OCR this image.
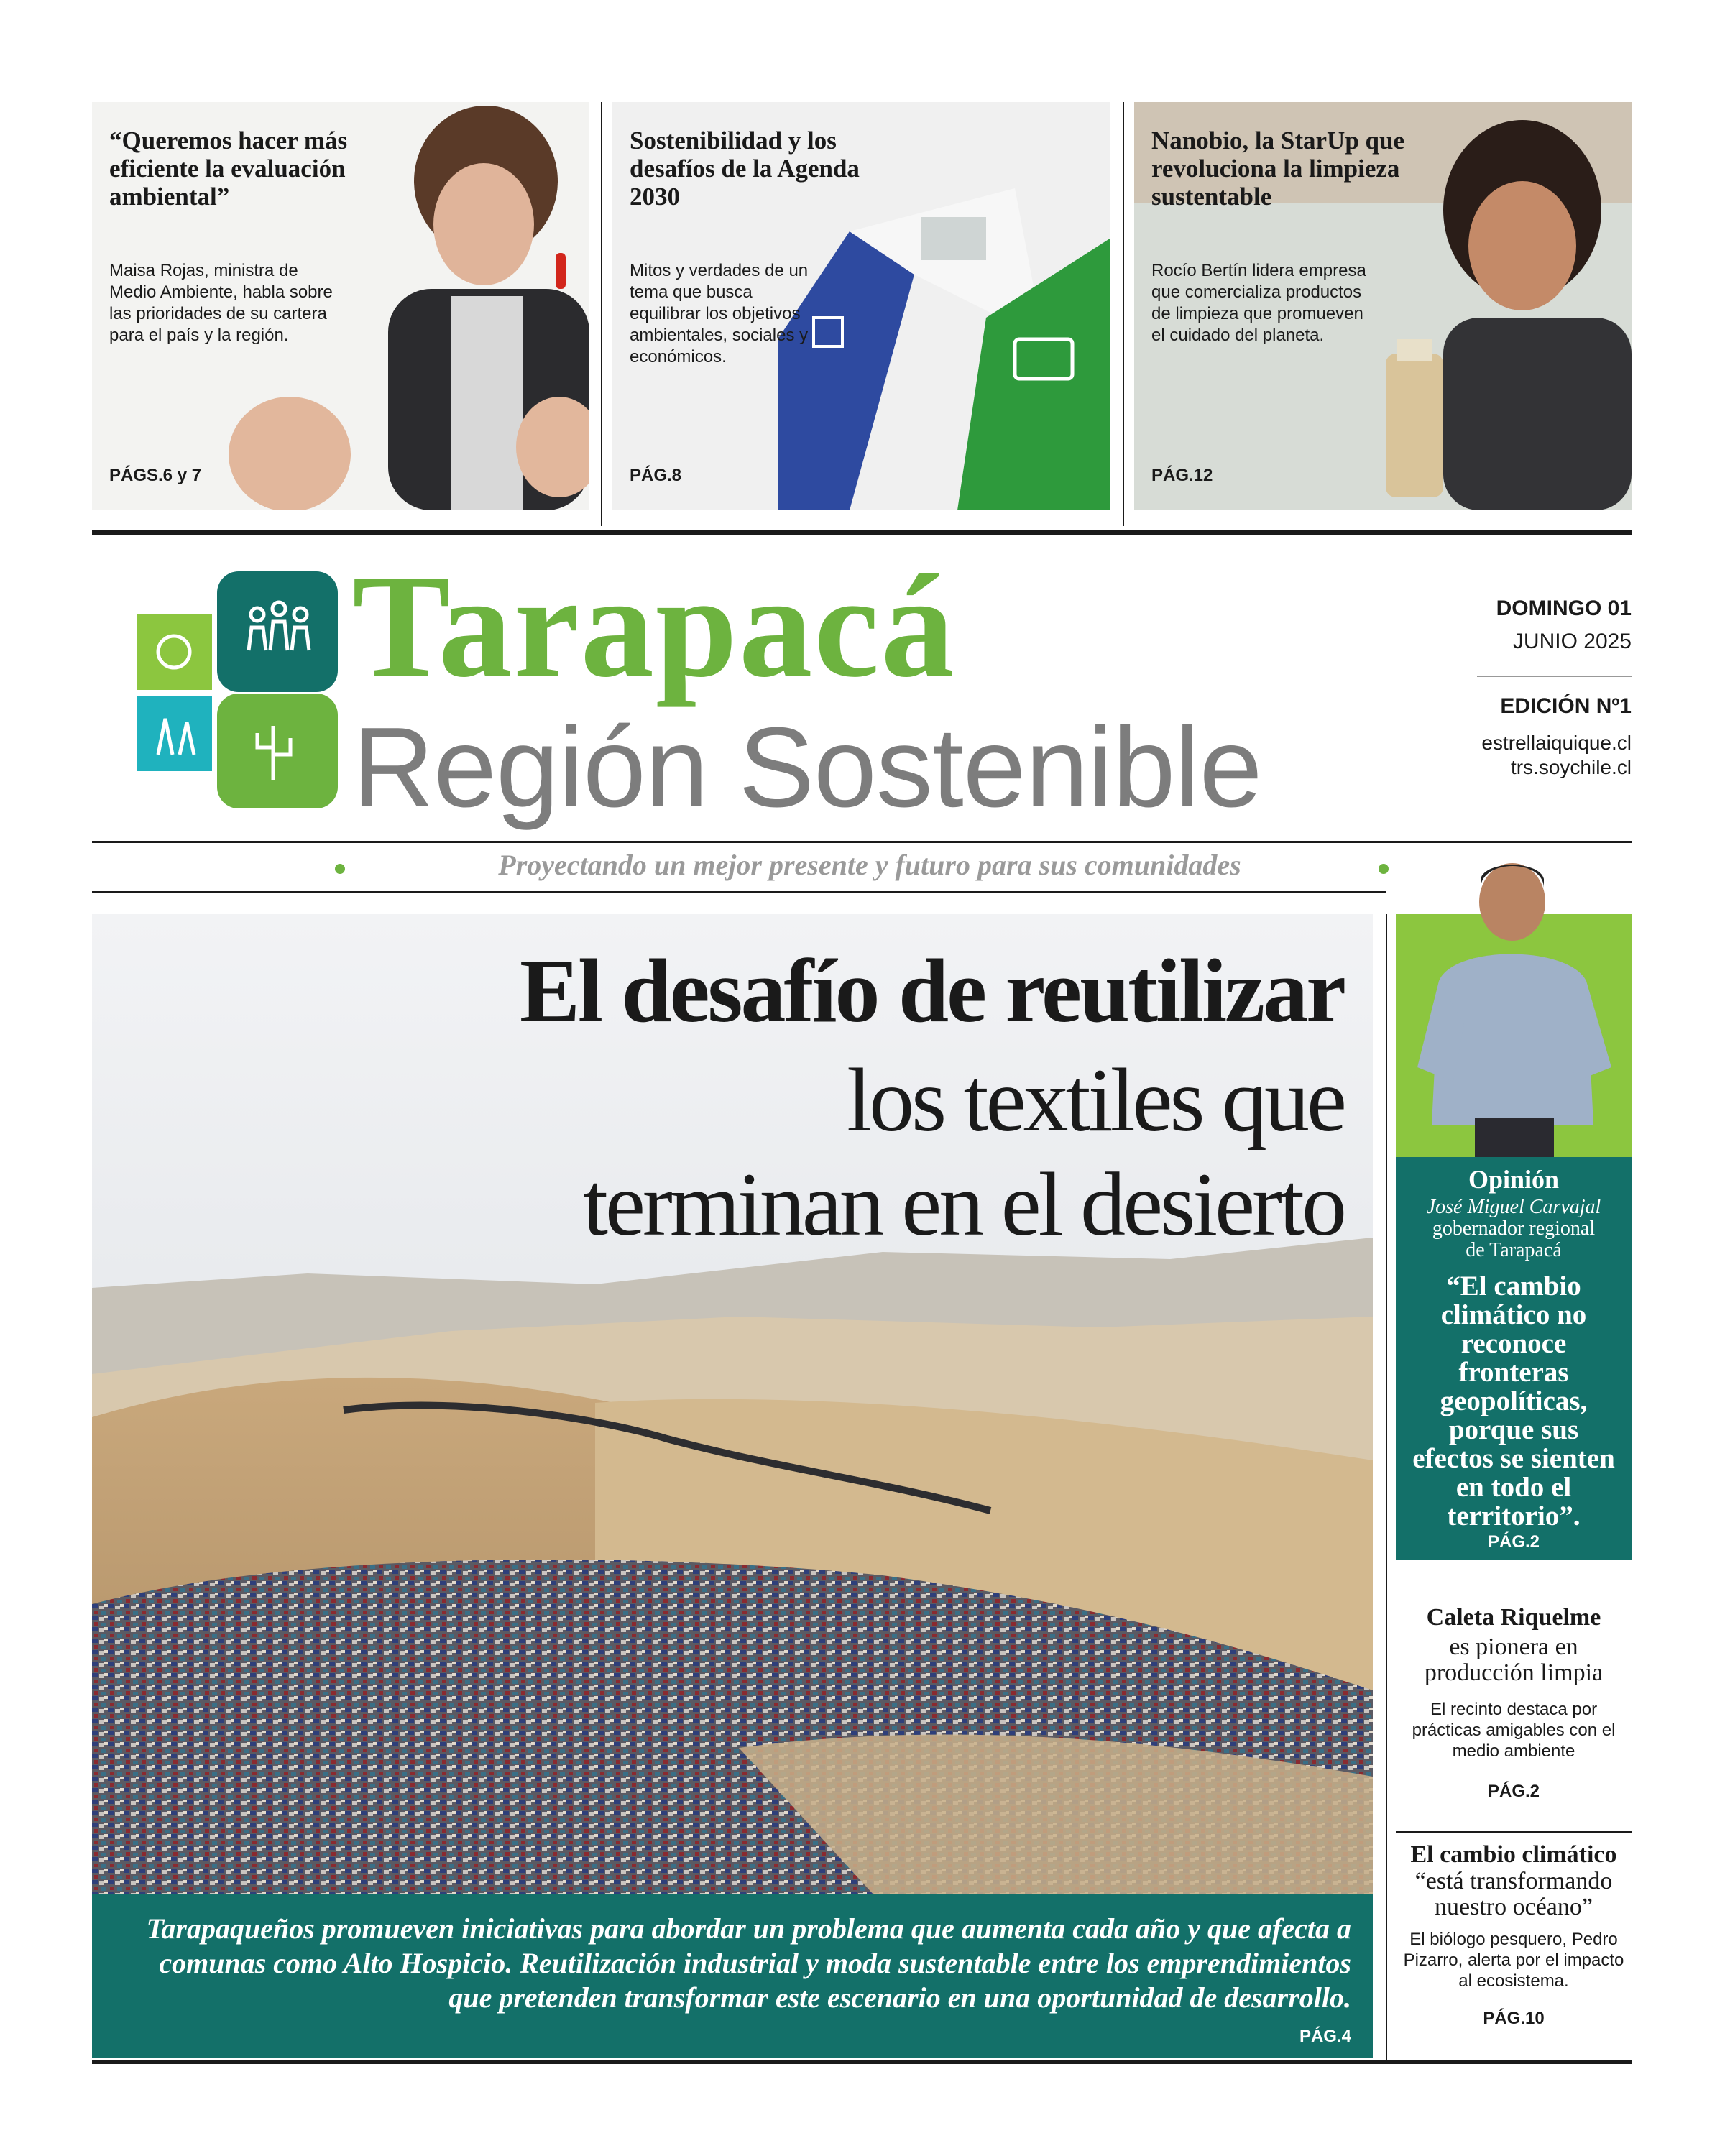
“Queremos hacer más eficiente la evaluación ambiental”
Maisa Rojas, ministra de Medio Ambiente, habla sobre las prioridades de su cartera para el país y la región.
PÁGS.6 y 7
Sostenibilidad y los desafíos de la Agenda 2030
Mitos y verdades de un tema que busca equilibrar los objetivos ambientales, sociales y económicos.
PÁG.8
Nanobio, la StarUp que revoluciona la limpieza sustentable
Rocío Bertín lidera empresa que comercializa productos de limpieza que promueven el cuidado del planeta.
PÁG.12
Tarapacá
Región Sostenible
DOMINGO 01
JUNIO 2025
EDICIÓN Nº1
estrellaiquique.cl
trs.soychile.cl
Proyectando un mejor presente y futuro para sus comunidades
El desafío de reutilizar
los textiles que
terminan en el desierto
Tarapaqueños promueven iniciativas para abordar un problema que aumenta cada año y que afecta a comunas como Alto Hospicio. Reutilización industrial y moda sustentable entre los emprendimientos que pretenden transformar este escenario en una oportunidad de desarrollo.
PÁG.4
Opinión
José Miguel Carvajal
gobernador regional
de Tarapacá
“El cambio climático no reconoce fronteras geopolíticas, porque sus efectos se sienten en todo el territorio”.
PÁG.2
Caleta Riquelme
es pionera en producción limpia
El recinto destaca por prácticas amigables con el medio ambiente
PÁG.2
El cambio climático
“está transformando nuestro océano”
El biólogo pesquero, Pedro Pizarro, alerta por el impacto al ecosistema.
PÁG.10
